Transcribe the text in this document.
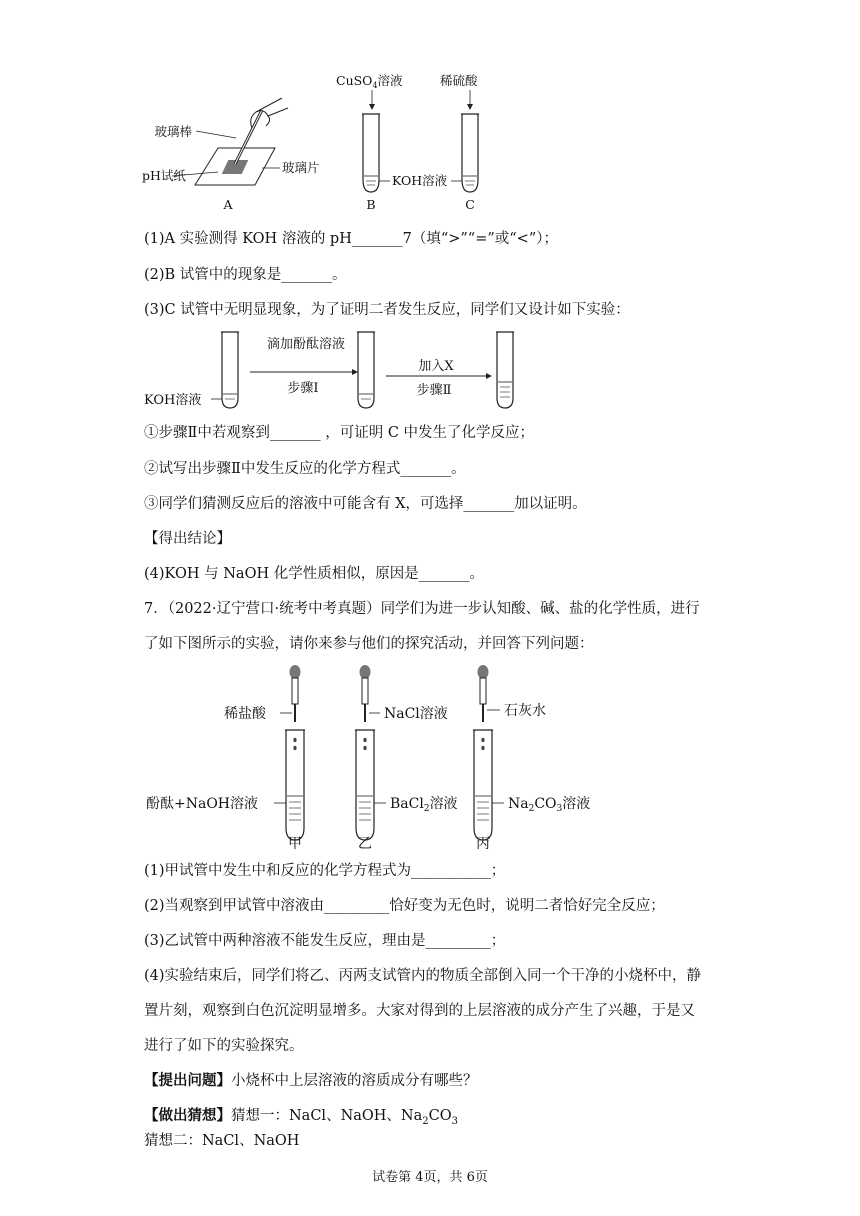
玻璃棒
pH试纸
玻璃片
A
CuSO$_4$溶液
B
稀硫酸
C
KOH溶液
(1)A 实验测得 KOH 溶液的 pH_______7（填“>”“=”或“<”）；
(2)B 试管中的现象是_______。
(3)C 试管中无明显现象，为了证明二者发生反应，同学们又设计如下实验：
KOH溶液
滴加酚酞溶液
步骤Ⅰ
加入X
步骤Ⅱ
①步骤Ⅱ中若观察到_______ ，可证明 C 中发生了化学反应；
②试写出步骤Ⅱ中发生反应的化学方程式_______。
③同学们猜测反应后的溶液中可能含有 X，可选择_______加以证明。
【得出结论】
(4)KOH 与 NaOH 化学性质相似，原因是_______。
7．（2022·辽宁营口·统考中考真题）同学们为进一步认知酸、碱、盐的化学性质，进行
了如下图所示的实验，请你来参与他们的探究活动，并回答下列问题：
稀盐酸
酚酞+NaOH溶液
甲
NaCl溶液
BaCl$_2$溶液
乙
石灰水
$Na_2CO_3$溶液
丙
(1)甲试管中发生中和反应的化学方程式为___________；
(2)当观察到甲试管中溶液由_________恰好变为无色时，说明二者恰好完全反应；
(3)乙试管中两种溶液不能发生反应，理由是_________；
(4)实验结束后，同学们将乙、丙两支试管内的物质全部倒入同一个干净的小烧杯中，静
置片刻，观察到白色沉淀明显增多。大家对得到的上层溶液的成分产生了兴趣，于是又
进行了如下的实验探究。
【提出问题】小烧杯中上层溶液的溶质成分有哪些？
【做出猜想】猜想一：NaCl、NaOH、$Na_2CO_3$
猜想二：NaCl、NaOH
试卷第 4页，共 6页
